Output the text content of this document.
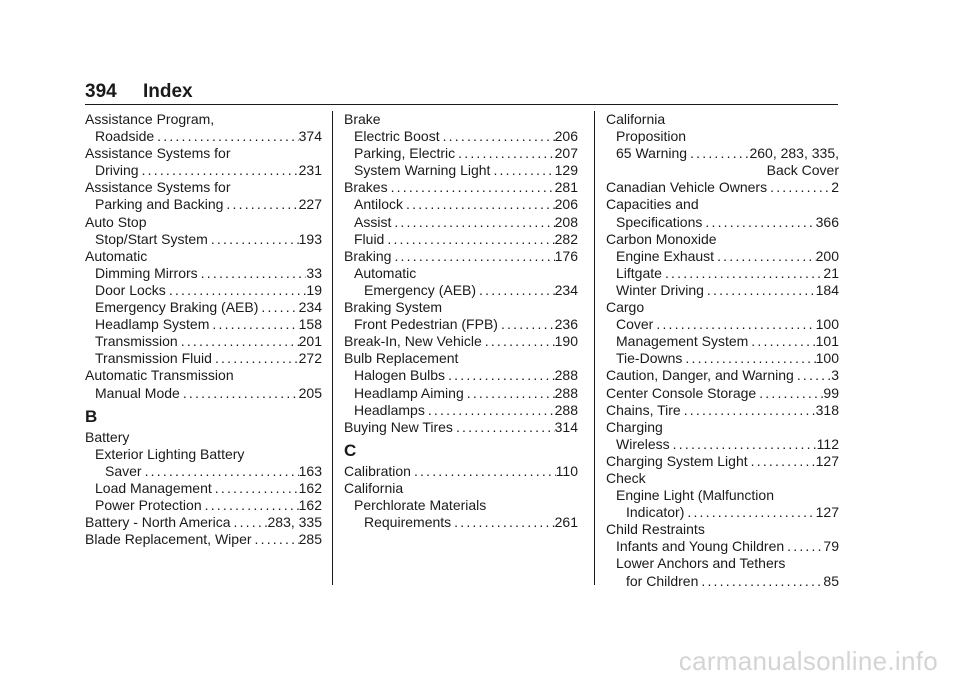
394 Index
Assistance Program,
Roadside .....	374
Assistance Systems for
Driving .....	231
Assistance Systems for
Parking and Backing .....	227
Auto Stop
Stop/Start System .....	193
Automatic
Dimming Mirrors .....	33
Door Locks .....	19
Emergency Braking (AEB) .....	234
Headlamp System .....	158
Transmission .....	201
Transmission Fluid .....	272
Automatic Transmission
Manual Mode .....	205
B
Battery
Exterior Lighting Battery
Saver .....	163
Load Management .....	162
Power Protection .....	162
Battery - North America .....	283, 335
Blade Replacement, Wiper .....	285
Brake
Electric Boost .....	206
Parking, Electric .....	207
System Warning Light .....	129
Brakes .....	281
Antilock .....	206
Assist .....	208
Fluid .....	282
Braking .....	176
Automatic
Emergency (AEB) .....	234
Braking System
Front Pedestrian (FPB) .....	236
Break-In, New Vehicle .....	190
Bulb Replacement
Halogen Bulbs .....	288
Headlamp Aiming .....	288
Headlamps .....	288
Buying New Tires .....	314
C
Calibration .....	110
California
Perchlorate Materials
Requirements .....	261
California
Proposition
65 Warning .....	260, 283, 335,
Back Cover
Canadian Vehicle Owners .....	2
Capacities and
Specifications .....	366
Carbon Monoxide
Engine Exhaust .....	200
Liftgate .....	21
Winter Driving .....	184
Cargo
Cover .....	100
Management System .....	101
Tie-Downs .....	100
Caution, Danger, and Warning .....	3
Center Console Storage .....	99
Chains, Tire .....	318
Charging
Wireless .....	112
Charging System Light .....	127
Check
Engine Light (Malfunction
Indicator) .....	127
Child Restraints
Infants and Young Children .....	79
Lower Anchors and Tethers
for Children .....	85
carmanualsonline.info
